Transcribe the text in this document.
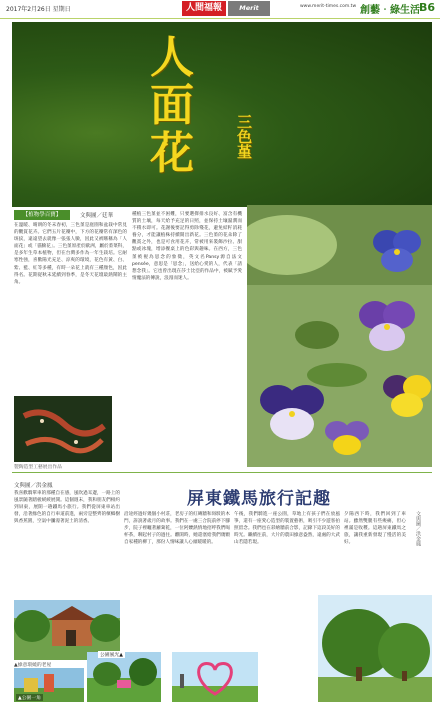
2017年2月26日 星期日	人間福報	Merit	www.merit-times.com.tw 創藝‧綠生活 B6
人面花	三色堇
【植物學百寶】	文與圖／廷華
在溫暖、晴朗的冬末春初，三色堇是庭園和盆栽中常見的觀賞花卉。它們五片花瓣中，下方的花瓣常有深色的斑紋，遠遠望去就像一張張人臉，因此又被暱稱為「人面花」或「貓臉花」。三色堇原產於歐洲，屬於堇菜科，是多年生草本植物，但在台灣多作為一年生栽培。它耐寒性強，喜歡陽光充足、涼爽的環境，花色有黃、白、紫、藍、紅等多種，有時一朵花上就有三種顏色，因此得名。花期從秋末延續到春季，是冬天花壇最熱鬧的主角。
種植三色堇並不困難，只要選擇排水良好、富含有機質的土壤，每天給予充足的日照，並保持土壤濕潤而不積水即可。花謝後要記得剪除殘花，避免結籽消耗養分，才能讓植株持續開出新花。三色堇的花朵除了觀賞之外，也是可食用花卉，常被用來裝飾沙拉、甜點或冰塊，增添餐桌上的色彩與趣味。在西方，三色堇被視為思念的象徵，英文名Pansy源自法文pensée，意思是「思念」，送給心愛的人，代表「請想念我」。它也曾出現在莎士比亞的作品中，被賦予愛情魔法的傳說，浪漫而迷人。
製陶造型工藝展出作品
文與圖／洪金鳳
屏東鐵馬旅行記趣
我喜歡騎單車的那種自在感，風吹過耳邊，一路上的風景隨著踏板緩緩展開。這個週末，我和朋友們相約到屏東，展開一趟鐵馬小旅行。我們從屏東車站出發，沿著綠色的自行車道前進，兩旁是整齊的檳榔樹與香蕉園，空氣中瀰漫著泥土的清香。
沿途經過好幾個小村莊，老房子的紅磚牆和斑駁的木門，訴說著歲月的故事。我們在一處三合院前停下腳步，院子裡曬著蘿蔔乾，一位阿嬤熱情地招呼我們喝杯茶，聊起村子的過往。離開時，她還塞給我們幾顆自家種的柳丁，那份人情味讓人心頭暖暖的。
午後，我們騎進一座公園，草地上有孩子們在放風箏，還有一座愛心造型的裝置藝術，吸引不少遊客拍照留念。我們也在彩繪牆前合影，記錄下這段美好的時光。繼續往前，大片的農田綠意盎然，遠處的大武山若隱若現。
夕陽西下時，我們回到了車站。雖然雙腿有些痠痛，但心裡滿是收穫。這趟屏東鐵馬之旅，讓我重新發現了慢活的美好。	文與圖／洪金鳳
▲綠意環繞的老屋
▲公園一角
公園風光▲
